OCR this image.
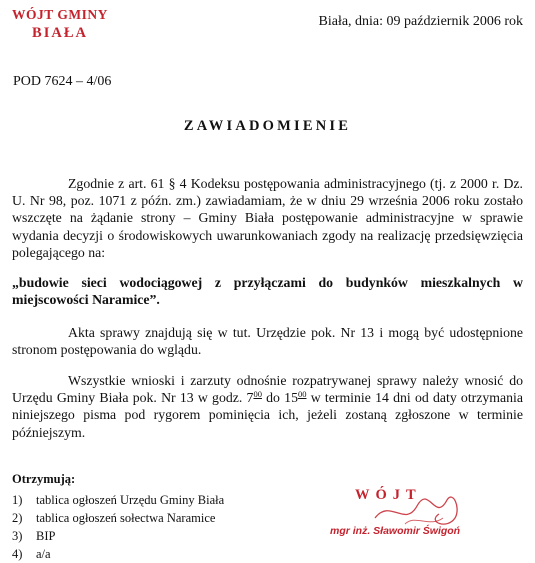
WÓJT GMINY
BIAŁA
Biała, dnia: 09 październik 2006 rok
POD 7624 – 4/06
ZAWIADOMIENIE

Zgodnie z art. 61 § 4 Kodeksu postępowania administracyjnego (tj. z 2000 r. Dz. U. Nr 98, poz. 1071 z późn. zm.) zawiadamiam, że w dniu 29 września 2006 roku zostało wszczęte na żądanie strony – Gminy Biała postępowanie administracyjne w sprawie wydania decyzji o środowiskowych uwarunkowaniach zgody na realizację przedsięwzięcia polegającego na:

„budowie sieci wodociągowej z przyłączami do budynków mieszkalnych w miejscowości Naramice”.

Akta sprawy znajdują się w tut. Urzędzie pok. Nr 13 i mogą być udostępnione stronom postępowania do wglądu.

Wszystkie wnioski i zarzuty odnośnie rozpatrywanej sprawy należy wnosić do Urzędu Gminy Biała pok. Nr 13 w godz. $7^{00}$ do $15^{00}$ w terminie 14 dni od daty otrzymania niniejszego pisma pod rygorem pominięcia ich, jeżeli zostaną zgłoszone w terminie późniejszym.

Otrzymują:
1) tablica ogłoszeń Urzędu Gminy Biała
2) tablica ogłoszeń sołectwa Naramice
3) BIP
4) a/a
WÓJT
mgr inż. Sławomir Świgoń
